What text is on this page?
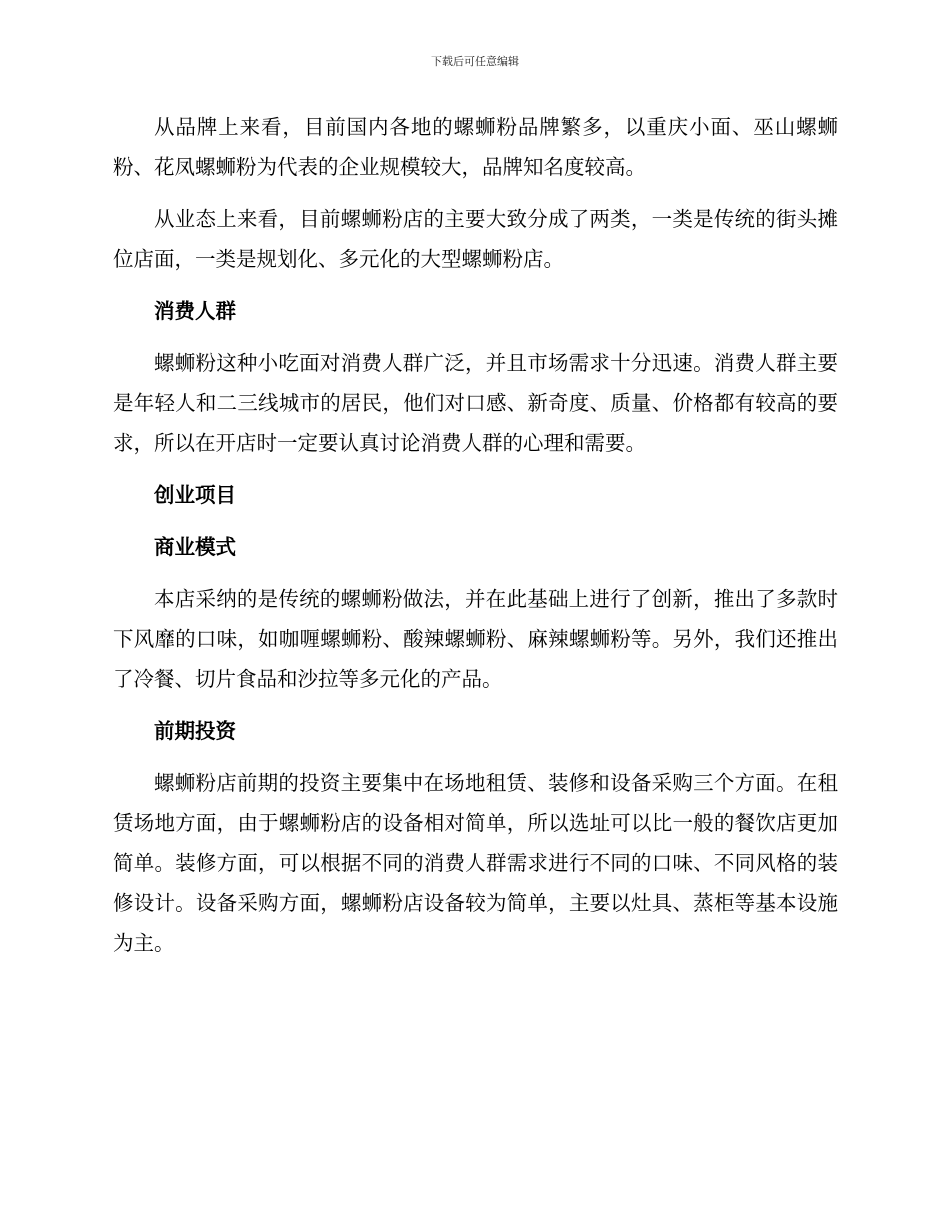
下载后可任意编辑

从品牌上来看，目前国内各地的螺蛳粉品牌繁多，以重庆小面、巫山螺蛳粉、花凤螺蛳粉为代表的企业规模较大，品牌知名度较高。

从业态上来看，目前螺蛳粉店的主要大致分成了两类，一类是传统的街头摊位店面，一类是规划化、多元化的大型螺蛳粉店。

消费人群

螺蛳粉这种小吃面对消费人群广泛，并且市场需求十分迅速。消费人群主要是年轻人和二三线城市的居民，他们对口感、新奇度、质量、价格都有较高的要求，所以在开店时一定要认真讨论消费人群的心理和需要。

创业项目
商业模式

本店采纳的是传统的螺蛳粉做法，并在此基础上进行了创新，推出了多款时下风靡的口味，如咖喱螺蛳粉、酸辣螺蛳粉、麻辣螺蛳粉等。另外，我们还推出了冷餐、切片食品和沙拉等多元化的产品。

前期投资

螺蛳粉店前期的投资主要集中在场地租赁、装修和设备采购三个方面。在租赁场地方面，由于螺蛳粉店的设备相对简单，所以选址可以比一般的餐饮店更加简单。装修方面，可以根据不同的消费人群需求进行不同的口味、不同风格的装修设计。设备采购方面，螺蛳粉店设备较为简单，主要以灶具、蒸柜等基本设施为主。
